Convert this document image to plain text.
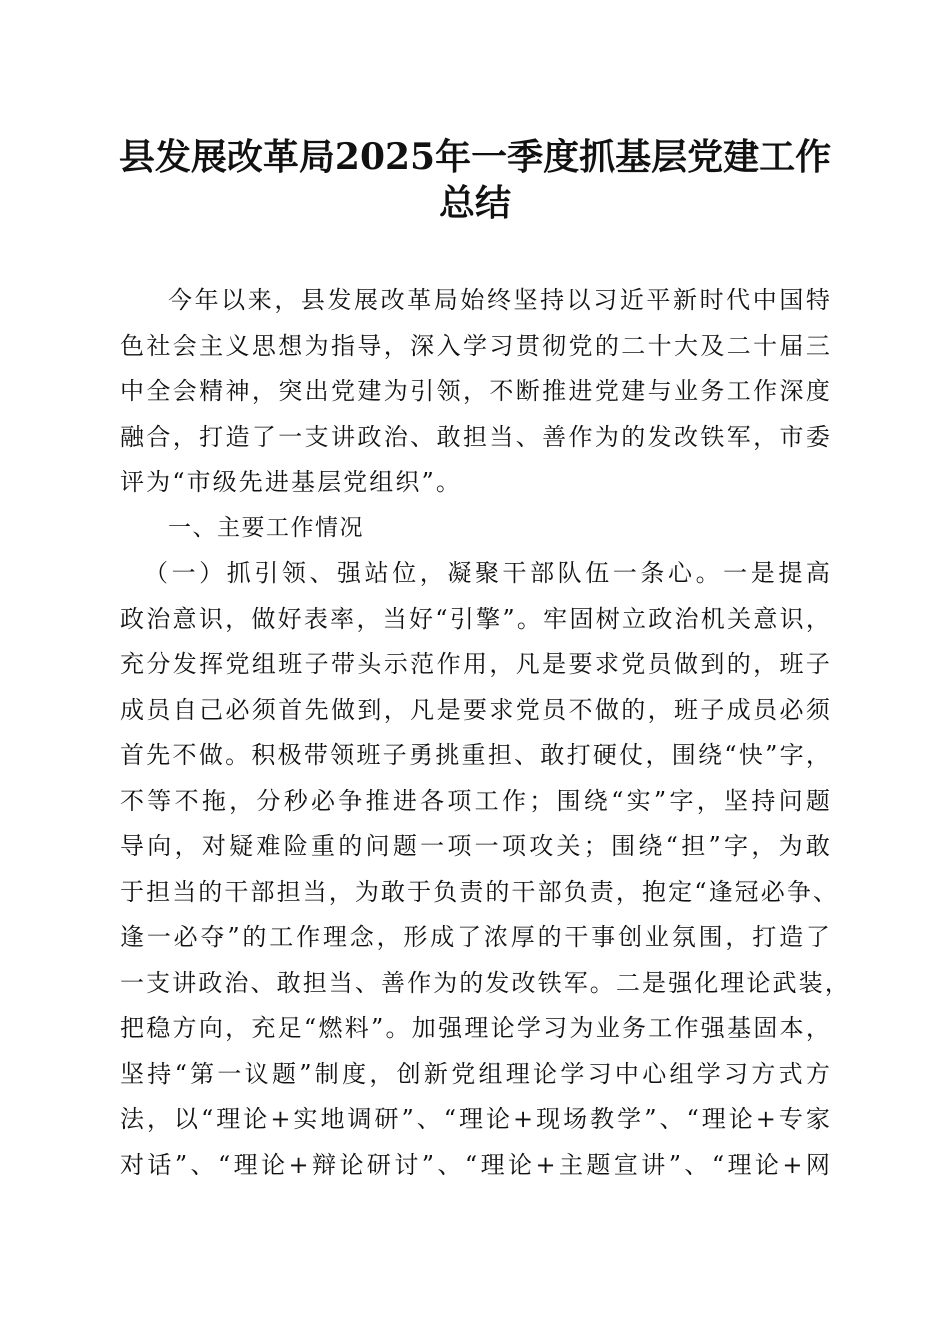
县发展改革局2025年一季度抓基层党建工作
总结
今年以来，县发展改革局始终坚持以习近平新时代中国特
色社会主义思想为指导，深入学习贯彻党的二十大及二十届三
中全会精神，突出党建为引领，不断推进党建与业务工作深度
融合，打造了一支讲政治、敢担当、善作为的发改铁军，市委
评为“市级先进基层党组织”。
一、主要工作情况
（一）抓引领、强站位，凝聚干部队伍一条心。一是提高
政治意识，做好表率，当好“引擎”。牢固树立政治机关意识，
充分发挥党组班子带头示范作用，凡是要求党员做到的，班子
成员自己必须首先做到，凡是要求党员不做的，班子成员必须
首先不做。积极带领班子勇挑重担、敢打硬仗，围绕“快”字，
不等不拖，分秒必争推进各项工作；围绕“实”字，坚持问题
导向，对疑难险重的问题一项一项攻关；围绕“担”字，为敢
于担当的干部担当，为敢于负责的干部负责，抱定“逢冠必争、
逢一必夺”的工作理念，形成了浓厚的干事创业氛围，打造了
一支讲政治、敢担当、善作为的发改铁军。二是强化理论武装，
把稳方向，充足“燃料”。加强理论学习为业务工作强基固本，
坚持“第一议题”制度，创新党组理论学习中心组学习方式方
法，以“理论+实地调研”、“理论+现场教学”、“理论+专家
对话”、“理论+辩论研讨”、“理论+主题宣讲”、“理论+网
